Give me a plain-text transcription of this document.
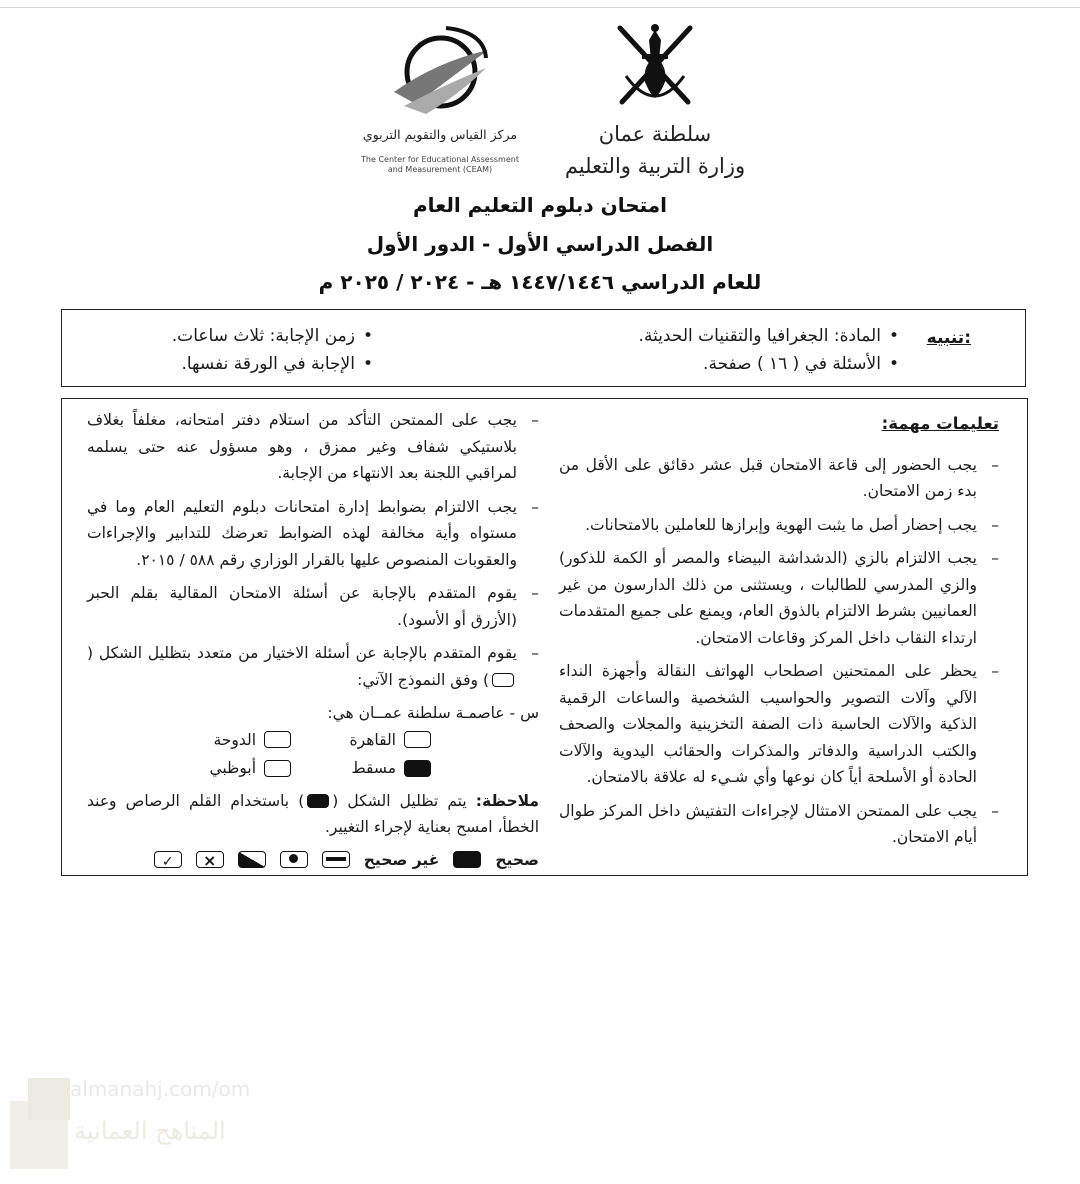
سلطنة عمان
وزارة التربية والتعليم
مركز القياس والتقويم التربوي
The Center for Educational Assessment
and Measurement (CEAM)
امتحان دبلوم التعليم العام
الفصل الدراسي الأول - الدور الأول
للعام الدراسي ١٤٤٧/١٤٤٦ هـ - ٢٠٢٤ / ٢٠٢٥ م
تنبيه:
•المادة: الجغرافيا والتقنيات الحديثة.
•الأسئلة في ( ١٦ ) صفحة.
•زمن الإجابة: ثلاث ساعات.
•الإجابة في الورقة نفسها.
تعليمات مهمة:
– يجب الحضور إلى قاعة الامتحان قبل عشر دقائق على الأقل من بدء زمن الامتحان.
– يجب إحضار أصل ما يثبت الهوية وإبرازها للعاملين بالامتحانات.
– يجب الالتزام بالزي (الدشداشة البيضاء والمصر أو الكمة للذكور) والزي المدرسي للطالبات ، ويستثنى من ذلك الدارسون من غير العمانيين بشرط الالتزام بالذوق العام، ويمنع على جميع المتقدمات ارتداء النقاب داخل المركز وقاعات الامتحان.
– يحظر على الممتحنين اصطحاب الهواتف النقالة وأجهزة النداء الآلي وآلات التصوير والحواسيب الشخصية والساعات الرقمية الذكية والآلات الحاسبة ذات الصفة التخزينية والمجلات والصحف والكتب الدراسية والدفاتر والمذكرات والحقائب اليدوية والآلات الحادة أو الأسلحة أياً كان نوعها وأي شـيء له علاقة بالامتحان.
– يجب على الممتحن الامتثال لإجراءات التفتيش داخل المركز طوال أيام الامتحان.
– يجب على الممتحن التأكد من استلام دفتر امتحانه، مغلفاً بغلاف بلاستيكي شفاف وغير ممزق ، وهو مسؤول عنه حتى يسلمه لمراقبي اللجنة بعد الانتهاء من الإجابة.
– يجب الالتزام بضوابط إدارة امتحانات دبلوم التعليم العام وما في مستواه وأية مخالفة لهذه الضوابط تعرضك للتدابير والإجراءات والعقوبات المنصوص عليها بالقرار الوزاري رقم ٥٨٨ / ٢٠١٥.
– يقوم المتقدم بالإجابة عن أسئلة الامتحان المقالية بقلم الحبر (الأزرق أو الأسود).
– يقوم المتقدم بالإجابة عن أسئلة الاختيار من متعدد بتظليل الشكل () وفق النموذج الآتي:
س - عاصمـة سلطنة عمــان هي:
القاهرة
الدوحة
مسقط
أبوظبي
ملاحظة: يتم تظليل الشكل () باستخدام القلم الرصاص وعند الخطأ، امسح بعناية لإجراء التغيير.
صحيح
غير صحيح
×
✓
almanahj.com/om
المناهج العمانية
